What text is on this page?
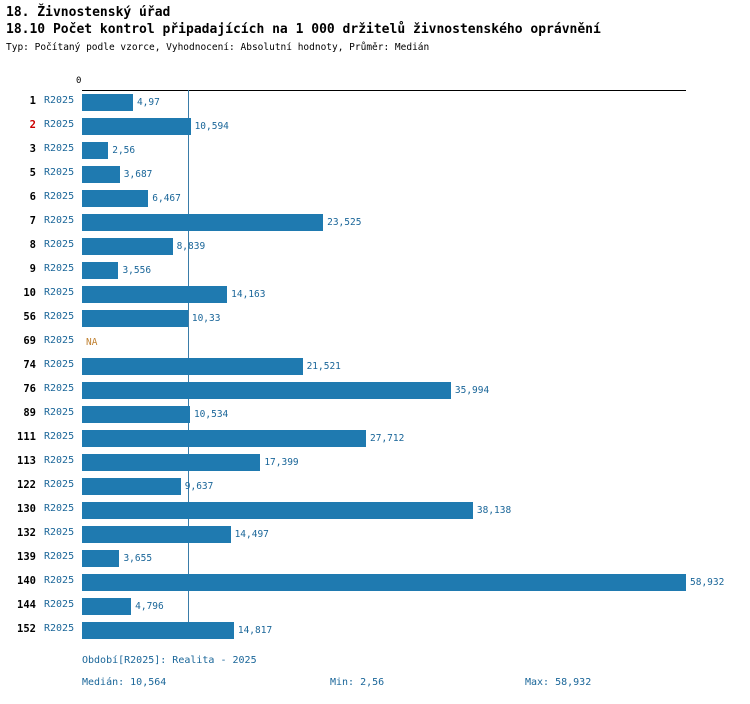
18. Živnostenský úřad
18.10 Počet kontrol připadajících na 1 000 držitelů živnostenského oprávnění
Typ: Počítaný podle vzorce, Vyhodnocení: Absolutní hodnoty, Průměr: Medián
0
1 R2025	4,97
2 R2025	10,594
3 R2025	2,56
5 R2025	3,687
6 R2025	6,467
7 R2025	23,525
8 R2025	8,839
9 R2025	3,556
10 R2025	14,163
56 R2025	10,33
69 R2025 NA
74 R2025	21,521
76 R2025	35,994
89 R2025	10,534
111 R2025	27,712
113 R2025	17,399
122 R2025	9,637
130 R2025	38,138
132 R2025	14,497
139 R2025	3,655
140 R2025	58,932
144 R2025	4,796
152 R2025	14,817
Období[R2025]: Realita - 2025
Medián: 10,564	Min: 2,56	Max: 58,932
